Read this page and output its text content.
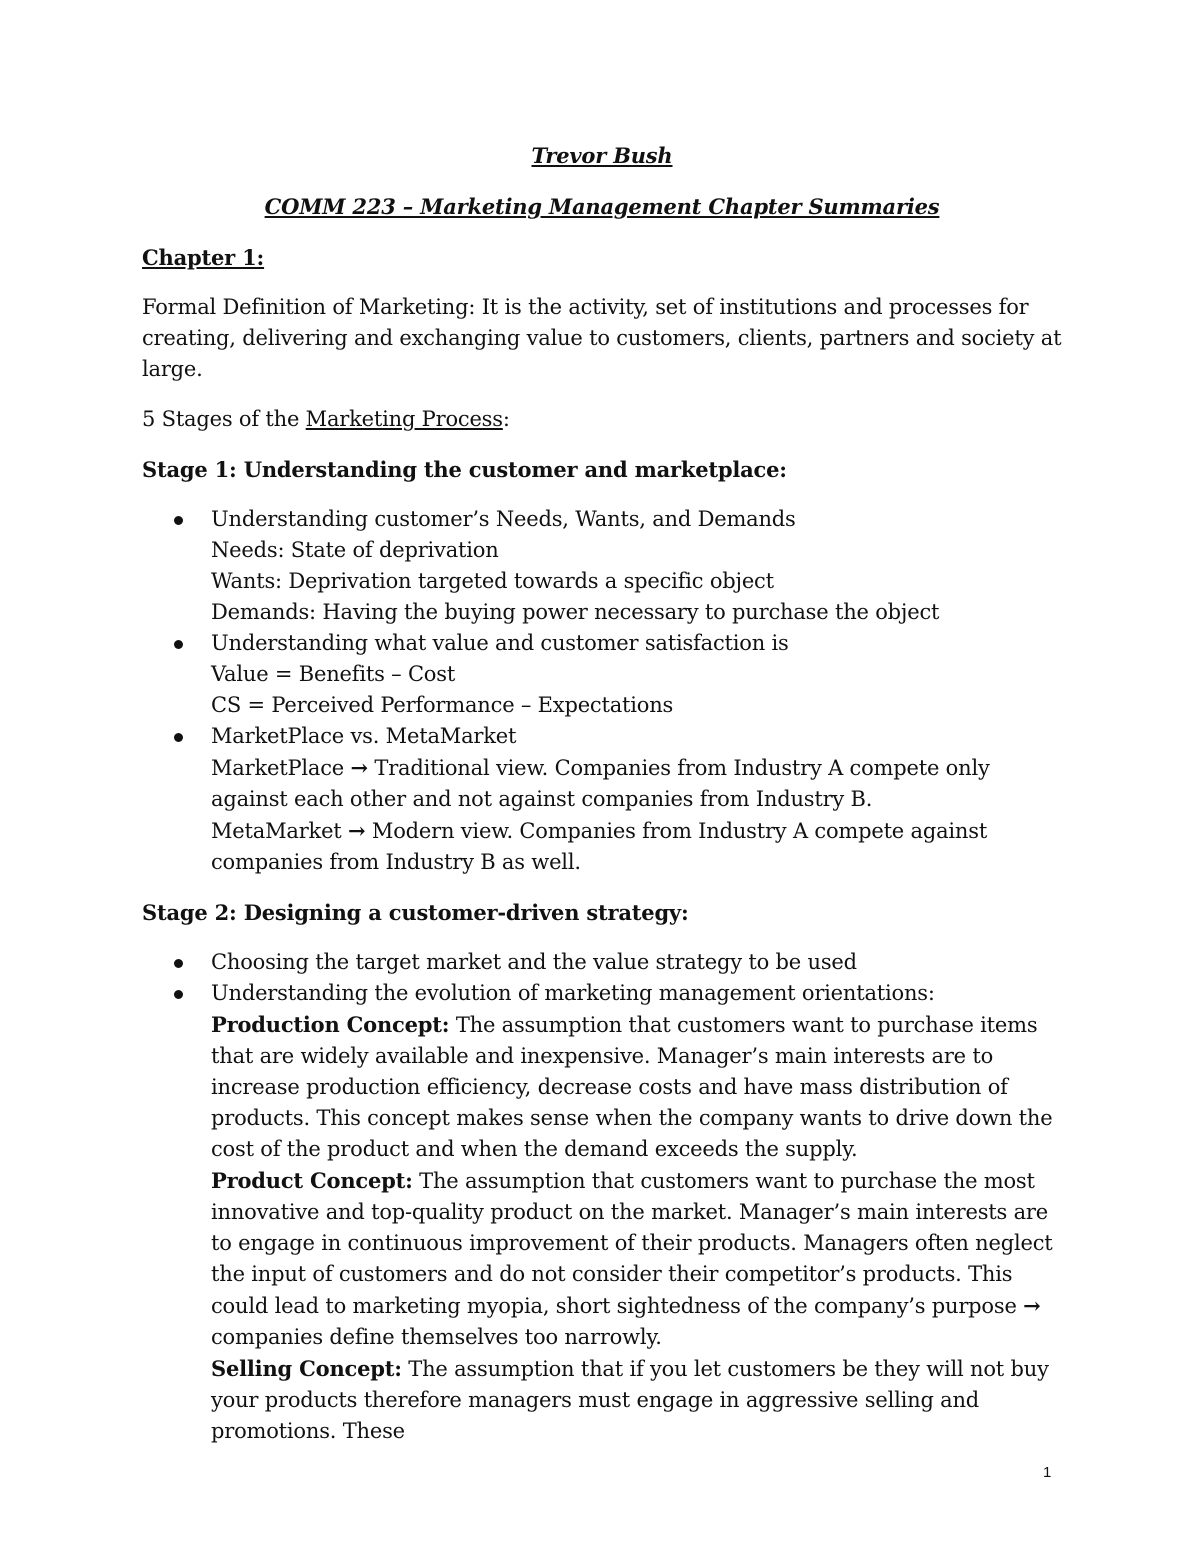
Trevor Bush
COMM 223 – Marketing Management Chapter Summaries
Chapter 1:

Formal Definition of Marketing: It is the activity, set of institutions and processes for creating, delivering and exchanging value to customers, clients, partners and society at large.

5 Stages of the Marketing Process:

Stage 1: Understanding the customer and marketplace:
Understanding customer’s Needs, Wants, and Demands
Needs: State of deprivation
Wants: Deprivation targeted towards a specific object
Demands: Having the buying power necessary to purchase the object
Understanding what value and customer satisfaction is
Value = Benefits – Cost
CS = Perceived Performance – Expectations
MarketPlace vs. MetaMarket
MarketPlace → Traditional view. Companies from Industry A compete only against each other and not against companies from Industry B.
MetaMarket → Modern view. Companies from Industry A compete against companies from Industry B as well.
Stage 2: Designing a customer-driven strategy:
Choosing the target market and the value strategy to be used
Understanding the evolution of marketing management orientations:
Production Concept: The assumption that customers want to purchase items that are widely available and inexpensive. Manager’s main interests are to increase production efficiency, decrease costs and have mass distribution of products. This concept makes sense when the company wants to drive down the cost of the product and when the demand exceeds the supply.
Product Concept: The assumption that customers want to purchase the most innovative and top-quality product on the market. Manager’s main interests are to engage in continuous improvement of their products. Managers often neglect the input of customers and do not consider their competitor’s products. This could lead to marketing myopia, short sightedness of the company’s purpose → companies define themselves too narrowly.
Selling Concept: The assumption that if you let customers be they will not buy your products therefore managers must engage in aggressive selling and promotions. These
1
